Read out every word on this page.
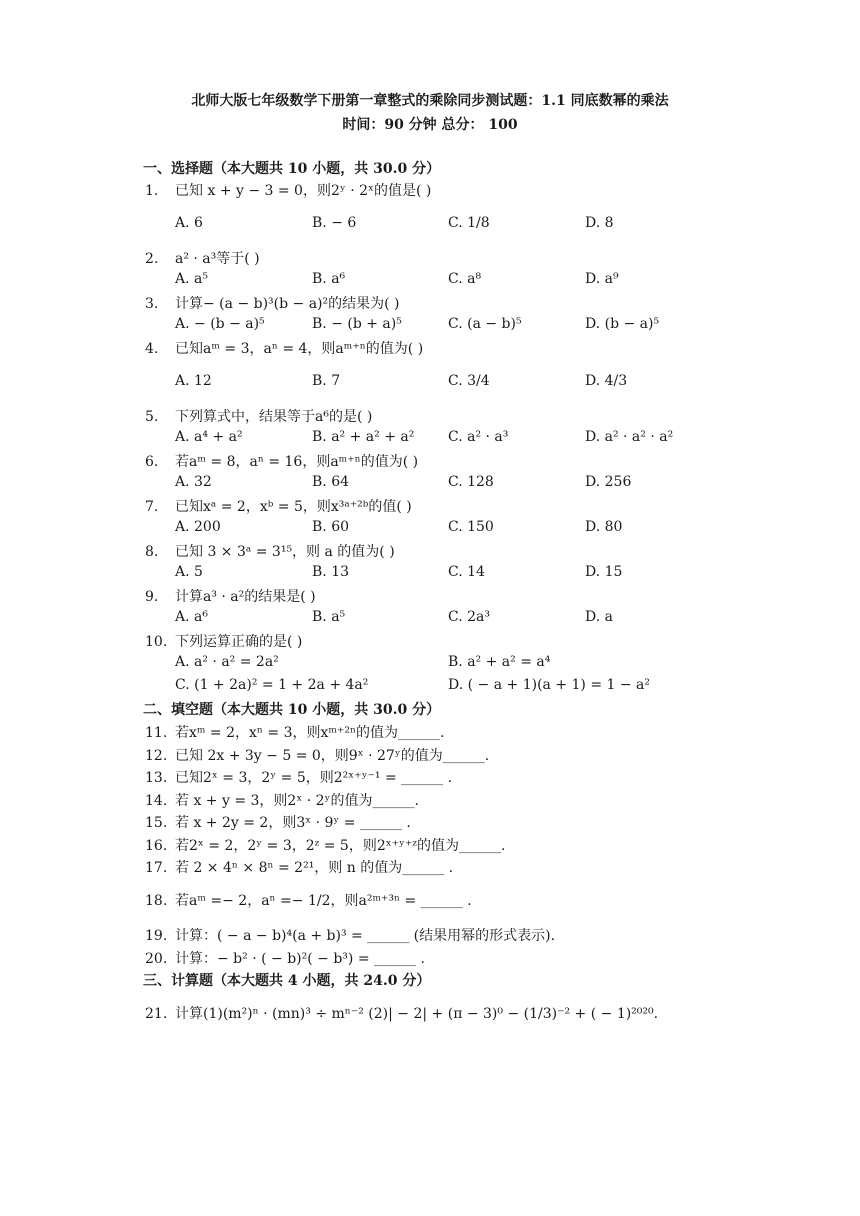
北师大版七年级数学下册第一章整式的乘除同步测试题：1.1 同底数幂的乘法
时间：90 分钟 总分： 100
一、选择题（本大题共 10 小题，共 30.0 分）
1. 已知 x + y − 3 = 0，则2ʸ · 2ˣ的值是( )
A. 6	B. − 6	C. 1/8	D. 8
2. a² · a³等于( )
A. a⁵	B. a⁶	C. a⁸	D. a⁹
3. 计算− (a − b)³(b − a)²的结果为( )
A. − (b − a)⁵	B. − (b + a)⁵	C. (a − b)⁵	D. (b − a)⁵
4. 已知aᵐ = 3，aⁿ = 4，则aᵐ⁺ⁿ的值为( )
A. 12	B. 7	C. 3/4	D. 4/3
5. 下列算式中，结果等于a⁶的是( )
A. a⁴ + a²	B. a² + a² + a² C. a² · a³	D. a² · a² · a²
6. 若aᵐ = 8，aⁿ = 16，则aᵐ⁺ⁿ的值为( )
A. 32	B. 64	C. 128	D. 256
7. 已知xᵃ = 2，xᵇ = 5，则x³ᵃ⁺²ᵇ的值( )
A. 200	B. 60	C. 150	D. 80
8. 已知 3 × 3ᵃ = 3¹⁵，则 a 的值为( )
A. 5	B. 13	C. 14	D. 15
9. 计算a³ · a²的结果是( )
A. a⁶	B. a⁵	C. 2a³	D. a
10. 下列运算正确的是( )
A. a² · a² = 2a²	B. a² + a² = a⁴
C. (1 + 2a)² = 1 + 2a + 4a²	D. ( − a + 1)(a + 1) = 1 − a²
二、填空题（本大题共 10 小题，共 30.0 分）
11. 若xᵐ = 2，xⁿ = 3，则xᵐ⁺²ⁿ的值为______.
12. 已知 2x + 3y − 5 = 0，则9ˣ · 27ʸ的值为______.
13. 已知2ˣ = 3，2ʸ = 5，则2²ˣ⁺ʸ⁻¹ = ______ .
14. 若 x + y = 3，则2ˣ · 2ʸ的值为______.
15. 若 x + 2y = 2，则3ˣ · 9ʸ = ______ .
16. 若2ˣ = 2，2ʸ = 3，2ᶻ = 5，则2ˣ⁺ʸ⁺ᶻ的值为______.
17. 若 2 × 4ⁿ × 8ⁿ = 2²¹，则 n 的值为______ .
18. 若aᵐ =− 2，aⁿ =− 1/2，则a²ᵐ⁺³ⁿ = ______ .
19. 计算：( − a − b)⁴(a + b)³ = ______ (结果用幂的形式表示).
20. 计算：− b² · ( − b)²( − b³) = ______ .
三、计算题（本大题共 4 小题，共 24.0 分）
21. 计算(1)(m²)ⁿ · (mn)³ ÷ mⁿ⁻² (2)| − 2| + (π − 3)⁰ − (1/3)⁻² + ( − 1)²⁰²⁰.
